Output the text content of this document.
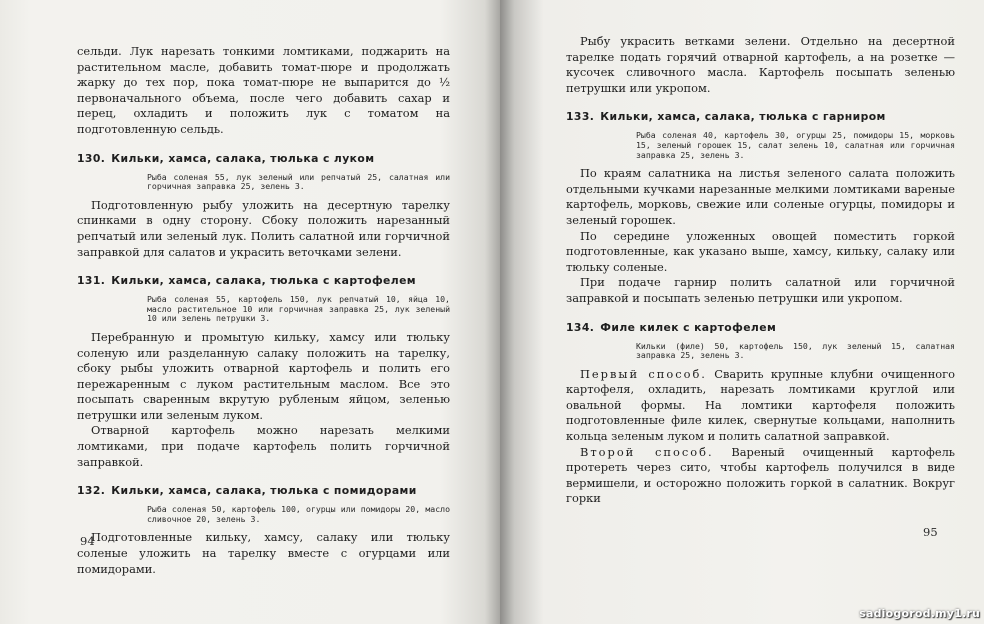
сельди. Лук нарезать тонкими ломтиками, поджарить на растительном масле, добавить томат-пюре и продолжать жарку до тех пор, пока томат-пюре не выпарится до ½ первоначального объема, после чего добавить сахар и перец, охладить и положить лук с томатом на подготовленную сельдь.

130. Кильки, хамса, салака, тюлька с луком

Рыба соленая 55, лук зеленый или репчатый 25, салатная или горчичная заправка 25, зелень 3.

Подготовленную рыбу уложить на десертную тарелку спинками в одну сторону. Сбоку положить нарезанный репчатый или зеленый лук. Полить салатной или горчичной заправкой для салатов и украсить веточками зелени.

131. Кильки, хамса, салака, тюлька с картофелем

Рыба соленая 55, картофель 150, лук репчатый 10, яйца 10, масло растительное 10 или горчичная заправка 25, лук зеленый 10 или зелень петрушки 3.

Перебранную и промытую кильку, хамсу или тюльку соленую или разделанную салаку положить на тарелку, сбоку рыбы уложить отварной картофель и полить его пережаренным с луком растительным маслом. Все это посыпать сваренным вкрутую рубленым яйцом, зеленью петрушки или зеленым луком.

Отварной картофель можно нарезать мелкими ломтиками, при подаче картофель полить горчичной заправкой.

132. Кильки, хамса, салака, тюлька с помидорами

Рыба соленая 50, картофель 100, огурцы или помидоры 20, масло сливочное 20, зелень 3.

Подготовленные кильку, хамсу, салаку или тюльку соленые уложить на тарелку вместе с огурцами или помидорами.

94

Рыбу украсить ветками зелени. Отдельно на десертной тарелке подать горячий отварной картофель, а на розетке — кусочек сливочного масла. Картофель посыпать зеленью петрушки или укропом.

133. Кильки, хамса, салака, тюлька с гарниром

Рыба соленая 40, картофель 30, огурцы 25, помидоры 15, морковь 15, зеленый горошек 15, салат зелень 10, салатная или горчичная заправка 25, зелень 3.

По краям салатника на листья зеленого салата положить отдельными кучками нарезанные мелкими ломтиками вареные картофель, морковь, свежие или соленые огурцы, помидоры и зеленый горошек.

По середине уложенных овощей поместить горкой подготовленные, как указано выше, хамсу, кильку, салаку или тюльку соленые.

При подаче гарнир полить салатной или горчичной заправкой и посыпать зеленью петрушки или укропом.

134. Филе килек с картофелем

Кильки (филе) 50, картофель 150, лук зеленый 15, салатная заправка 25, зелень 3.

Первый способ. Сварить крупные клубни очищенного картофеля, охладить, нарезать ломтиками круглой или овальной формы. На ломтики картофеля положить подготовленные филе килек, свернутые кольцами, наполнить кольца зеленым луком и полить салатной заправкой.

Второй способ. Вареный очищенный картофель протереть через сито, чтобы картофель получился в виде вермишели, и осторожно положить горкой в салатник. Вокруг горки

95
sadiogorod.my1.ru
